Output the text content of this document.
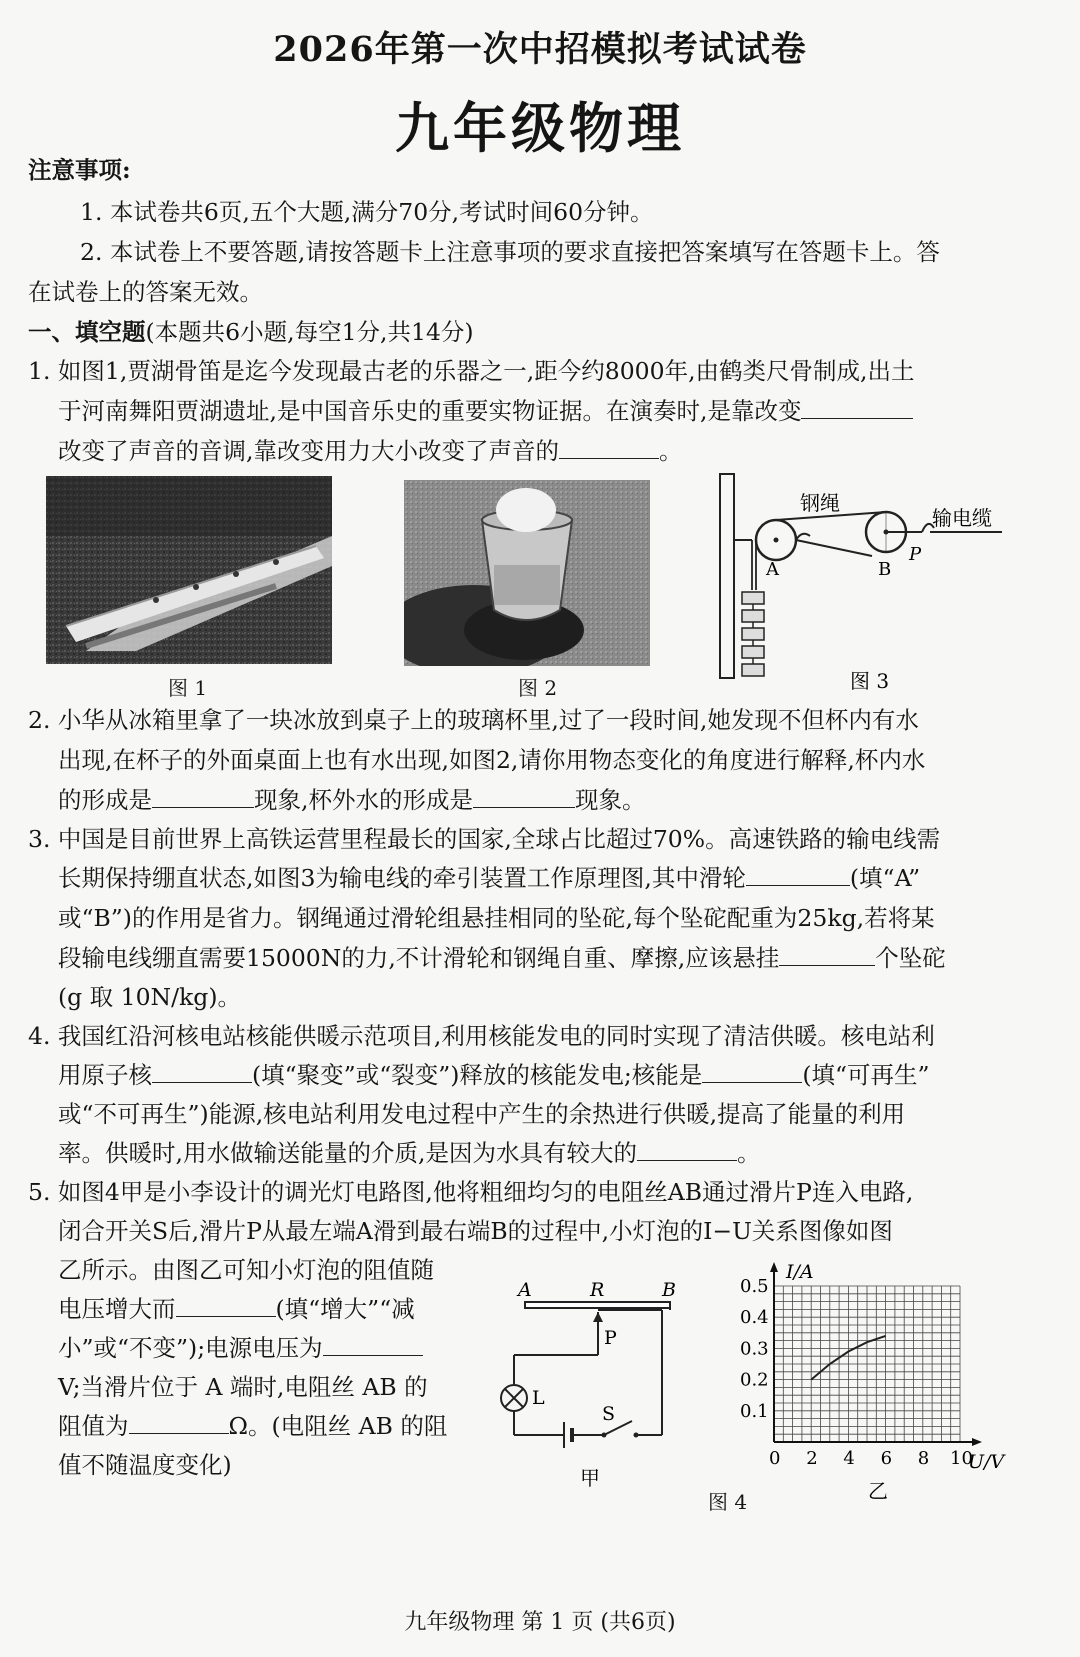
2026年第一次中招模拟考试试卷
九年级物理
注意事项:
1. 本试卷共6页,五个大题,满分70分,考试时间60分钟。
2. 本试卷上不要答题,请按答题卡上注意事项的要求直接把答案填写在答题卡上。答
在试卷上的答案无效。
一、填空题(本题共6小题,每空1分,共14分)
1. 如图1,贾湖骨笛是迄今发现最古老的乐器之一,距今约8000年,由鹤类尺骨制成,出土
于河南舞阳贾湖遗址,是中国音乐史的重要实物证据。在演奏时,是靠改变
改变了声音的音调,靠改变用力大小改变了声音的	。
图 1	图 2
钢绳
输电缆
A	B
P
图 3
2. 小华从冰箱里拿了一块冰放到桌子上的玻璃杯里,过了一段时间,她发现不但杯内有水
出现,在杯子的外面桌面上也有水出现,如图2,请你用物态变化的角度进行解释,杯内水
的形成是	现象,杯外水的形成是	现象。
3. 中国是目前世界上高铁运营里程最长的国家,全球占比超过70%。高速铁路的输电线需
长期保持绷直状态,如图3为输电线的牵引装置工作原理图,其中滑轮	(填“A”
或“B”)的作用是省力。钢绳通过滑轮组悬挂相同的坠砣,每个坠砣配重为25kg,若将某
段输电线绷直需要15000N的力,不计滑轮和钢绳自重、摩擦,应该悬挂	个坠砣
(g 取 10N/kg)。
4. 我国红沿河核电站核能供暖示范项目,利用核能发电的同时实现了清洁供暖。核电站利
用原子核	(填“聚变”或“裂变”)释放的核能发电;核能是	(填“可再生”
或“不可再生”)能源,核电站利用发电过程中产生的余热进行供暖,提高了能量的利用
率。供暖时,用水做输送能量的介质,是因为水具有较大的	。
5. 如图4甲是小李设计的调光灯电路图,他将粗细均匀的电阻丝AB通过滑片P连入电路,
闭合开关S后,滑片P从最左端A滑到最右端B的过程中,小灯泡的I−U关系图像如图
乙所示。由图乙可知小灯泡的阻值随
电压增大而	(填“增大”“减
小”或“不变”);电源电压为
V;当滑片位于 A 端时,电阻丝 AB 的
阻值为	Ω。(电阻丝 AB 的阻
值不随温度变化)
A	R	B
P
L
S
甲
0 2 4 6 8 10
0.1
0.2
0.3
0.4
0.5
I/A
U/V
乙
图 4
九年级物理 第 1 页 (共6页)
